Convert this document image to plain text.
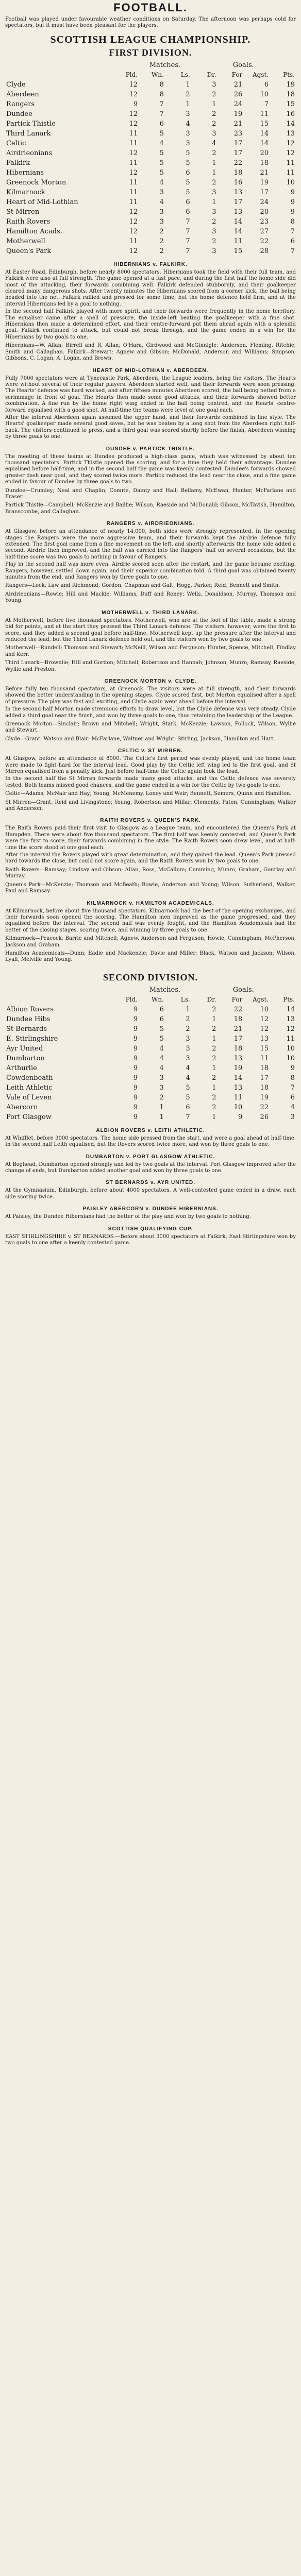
FOOTBALL.

Football was played under favourable weather conditions on Saturday. The afternoon was perhaps cold for spectators, but it must have been pleasant for the players.

SCOTTISH LEAGUE CHAMPIONSHIP.
FIRST DIVISION.
	Matches.				Goals.		
	Pld.	Wn.	Ls.	Dr.	For	Agst.	Pts.
Clyde	12	8	1	3	21	6	19
Aberdeen	12	8	2	2	26	10	18
Rangers	9	7	1	1	24	7	15
Dundee	12	7	3	2	19	11	16
Partick Thistle	12	6	4	2	21	15	14
Third Lanark	11	5	3	3	23	14	13
Celtic	11	4	3	4	17	14	12
Airdrieonians	12	5	5	2	17	20	12
Falkirk	11	5	5	1	22	18	11
Hibernians	12	5	6	1	18	21	11
Greenock Morton	11	4	5	2	16	19	10
Kilmarnock	11	3	5	3	13	17	9
Heart of Mid-Lothian	11	4	6	1	17	24	9
St Mirren	12	3	6	3	13	20	9
Raith Rovers	12	3	7	2	14	23	8
Hamilton Acads.	12	2	7	3	14	27	7
Motherwell	11	2	7	2	11	22	6
Queen's Park	12	2	7	3	15	28	7
HIBERNIANS v. FALKIRK.

At Easter Road, Edinburgh, before nearly 8000 spectators. Hibernians took the field with their full team, and Falkirk were also at full strength. The game opened at a fast pace, and during the first half the home side did most of the attacking, their forwards combining well. Falkirk defended stubbornly, and their goalkeeper cleared many dangerous shots. After twenty minutes the Hibernians scored from a corner kick, the ball being headed into the net. Falkirk rallied and pressed for some time, but the home defence held firm, and at the interval Hibernians led by a goal to nothing.

In the second half Falkirk played with more spirit, and their forwards were frequently in the home territory. The equaliser came after a spell of pressure, the inside-left beating the goalkeeper with a fine shot. Hibernians then made a determined effort, and their centre-forward put them ahead again with a splendid goal. Falkirk continued to attack, but could not break through, and the game ended in a win for the Hibernians by two goals to one.

Hibernians—W. Allan; Birrell and R. Allan; O'Hara, Girdwood and McGinnigle; Anderson, Fleming, Ritchie, Smith and Callaghan. Falkirk—Stewart; Agnew and Gibson; McDonald, Anderson and Williams; Simpson, Gibbons, C. Logan, A. Logan, and Brown.

HEART OF MID-LOTHIAN v. ABERDEEN.

Fully 7000 spectators were at Tynecastle Park, Aberdeen, the League leaders, being the visitors. The Hearts were without several of their regular players. Aberdeen started well, and their forwards were soon pressing. The Hearts' defence was hard worked, and after fifteen minutes Aberdeen scored, the ball being netted from a scrimmage in front of goal. The Hearts then made some good attacks, and their forwards showed better combination. A fine run by the home right wing ended in the ball being centred, and the Hearts' centre-forward equalised with a good shot. At half-time the teams were level at one goal each.

After the interval Aberdeen again assumed the upper hand, and their forwards combined in fine style. The Hearts' goalkeeper made several good saves, but he was beaten by a long shot from the Aberdeen right half-back. The visitors continued to press, and a third goal was scored shortly before the finish, Aberdeen winning by three goals to one.

DUNDEE v. PARTICK THISTLE.

The meeting of these teams at Dundee produced a high-class game, which was witnessed by about ten thousand spectators. Partick Thistle opened the scoring, and for a time they held their advantage. Dundee equalised before half-time, and in the second half the game was keenly contested. Dundee's forwards showed greater dash near goal, and they scored twice more. Partick reduced the lead near the close, and a fine game ended in favour of Dundee by three goals to two.

Dundee—Crumley; Neal and Chaplin; Comrie, Dainty and Hall; Bellamy, McEwan, Hunter, McFarlane and Fraser.

Partick Thistle—Campbell; McKenzie and Baillie; Wilson, Raeside and McDonald; Gibson, McTavish, Hamilton, Branscombe, and Callaghan.

RANGERS v. AIRDRIEONIANS.

At Glasgow, before an attendance of nearly 14,000, both sides were strongly represented. In the opening stages the Rangers were the more aggressive team, and their forwards kept the Airdrie defence fully extended. The first goal came from a fine movement on the left, and shortly afterwards the home side added a second. Airdrie then improved, and the ball was carried into the Rangers' half on several occasions, but the half-time score was two goals to nothing in favour of Rangers.

Play in the second half was more even. Airdrie scored soon after the restart, and the game became exciting. Rangers, however, settled down again, and their superior combination told. A third goal was obtained twenty minutes from the end, and Rangers won by three goals to one.

Rangers—Lock; Law and Richmond; Gordon, Chapman and Galt; Hogg, Parker, Reid, Bennett and Smith.

Airdrieonians—Rowie; Hill and Mackie; Williams, Duff and Roney; Wells, Donaldson, Murray, Thomson and Young.

MOTHERWELL v. THIRD LANARK.

At Motherwell, before five thousand spectators. Motherwell, who are at the foot of the table, made a strong bid for points, and at the start they pressed the Third Lanark defence. The visitors, however, were the first to score, and they added a second goal before half-time. Motherwell kept up the pressure after the interval and reduced the lead, but the Third Lanark defence held out, and the visitors won by two goals to one.

Motherwell—Rundell; Thomson and Stewart; McNeill, Wilson and Ferguson; Hunter, Spence, Mitchell, Findlay and Kerr.

Third Lanark—Brownlie; Hill and Gordon; Mitchell, Robertson and Hannah; Johnson, Munro, Ramsay, Raeside, Wyllie and Preston.

GREENOCK MORTON v. CLYDE.

Before fully ten thousand spectators, at Greenock. The visitors were at full strength, and their forwards showed the better understanding in the opening stages. Clyde scored first, but Morton equalised after a spell of pressure. The play was fast and exciting, and Clyde again went ahead before the interval.

In the second half Morton made strenuous efforts to draw level, but the Clyde defence was very steady. Clyde added a third goal near the finish, and won by three goals to one, thus retaining the leadership of the League.

Greenock Morton—Sinclair; Brown and Mitchell; Wright, Stark, McKenzie; Lawson, Pollock, Wilson, Wyllie and Stewart.

Clyde—Grant; Watson and Blair; McFarlane, Waltner and Wright; Stirling, Jackson, Hamilton and Hart.

CELTIC v. ST MIRREN.

At Glasgow, before an attendance of 8000. The Celtic's first period was evenly played, and the home team were made to fight hard for the interval lead. Good play by the Celtic left wing led to the first goal, and St Mirren equalised from a penalty kick. Just before half-time the Celtic again took the lead.

In the second half the St Mirren forwards made many good attacks, and the Celtic defence was severely tested. Both teams missed good chances, and the game ended in a win for the Celtic by two goals to one.

Celtic—Adams; McNair and Hay; Young, McMenemy, Loney and Weir; Bennett, Somers, Quinn and Hamilton.

St Mirren—Grant; Reid and Livingstone; Young, Robertson and Millar; Clements, Paton, Cunningham, Walker and Anderson.

RAITH ROVERS v. QUEEN'S PARK.

The Raith Rovers paid their first visit to Glasgow as a League team, and encountered the Queen's Park at Hampden. There were about five thousand spectators. The first half was keenly contested, and Queen's Park were the first to score, their forwards combining in fine style. The Raith Rovers soon drew level, and at half-time the score stood at one goal each.

After the interval the Rovers played with great determination, and they gained the lead. Queen's Park pressed hard towards the close, but could not score again, and the Raith Rovers won by two goals to one.

Raith Rovers—Ramsay; Lindsay and Gibson; Allan, Ross, McCallum; Cumming, Munro, Graham, Gourlay and Murray.

Queen's Park—McKenzie; Thomson and McBeath; Bowie, Anderson and Young; Wilson, Sutherland, Walker, Paul and Ramsay.

KILMARNOCK v. HAMILTON ACADEMICALS.

At Kilmarnock, before about five thousand spectators. Kilmarnock had the best of the opening exchanges, and their forwards soon opened the scoring. The Hamilton men improved as the game progressed, and they equalised before the interval. The second half was evenly fought, and the Hamilton Academicals had the better of the closing stages, scoring twice, and winning by three goals to one.

Kilmarnock—Peacock; Barrie and Mitchell; Agnew, Anderson and Ferguson; Howie, Cunningham, McPherson, Jackson and Graham.

Hamilton Academicals—Dunn; Eadie and Mackenzie; Davie and Miller; Black, Watson and Jackson; Wilson, Lyall, Melville and Young.

SECOND DIVISION.
	Matches.				Goals.		
	Pld.	Wn.	Ls.	Dr.	For	Agst.	Pts.
Albion Rovers	9	6	1	2	22	10	14
Dundee Hibs	9	6	2	1	18	12	13
St Bernards	9	5	2	2	21	12	12
E. Stirlingshire	9	5	3	1	17	13	11
Ayr United	9	4	3	2	18	15	10
Dumbarton	9	4	3	2	13	11	10
Arthurlie	9	4	4	1	19	18	9
Cowdenbeath	9	3	4	2	14	17	8
Leith Athletic	9	3	5	1	13	18	7
Vale of Leven	9	2	5	2	11	19	6
Abercorn	9	1	6	2	10	22	4
Port Glasgow	9	1	7	1	9	26	3
ALBION ROVERS v. LEITH ATHLETIC.

At Whifflet, before 3000 spectators. The home side pressed from the start, and were a goal ahead at half-time. In the second half Leith equalised, but the Rovers scored twice more, and won by three goals to one.

DUMBARTON v. PORT GLASGOW ATHLETIC.

At Boghead, Dumbarton opened strongly and led by two goals at the interval. Port Glasgow improved after the change of ends, but Dumbarton added another goal and won by three goals to one.

ST BERNARDS v. AYR UNITED.

At the Gymnasium, Edinburgh, before about 4000 spectators. A well-contested game ended in a draw, each side scoring twice.

PAISLEY ABERCORN v. DUNDEE HIBERNIANS.

At Paisley, the Dundee Hibernians had the better of the play and won by two goals to nothing.

SCOTTISH QUALIFYING CUP.

EAST STIRLINGSHIRE v. ST BERNARDS.—Before about 3000 spectators at Falkirk, East Stirlingshire won by two goals to one after a keenly contested game.
